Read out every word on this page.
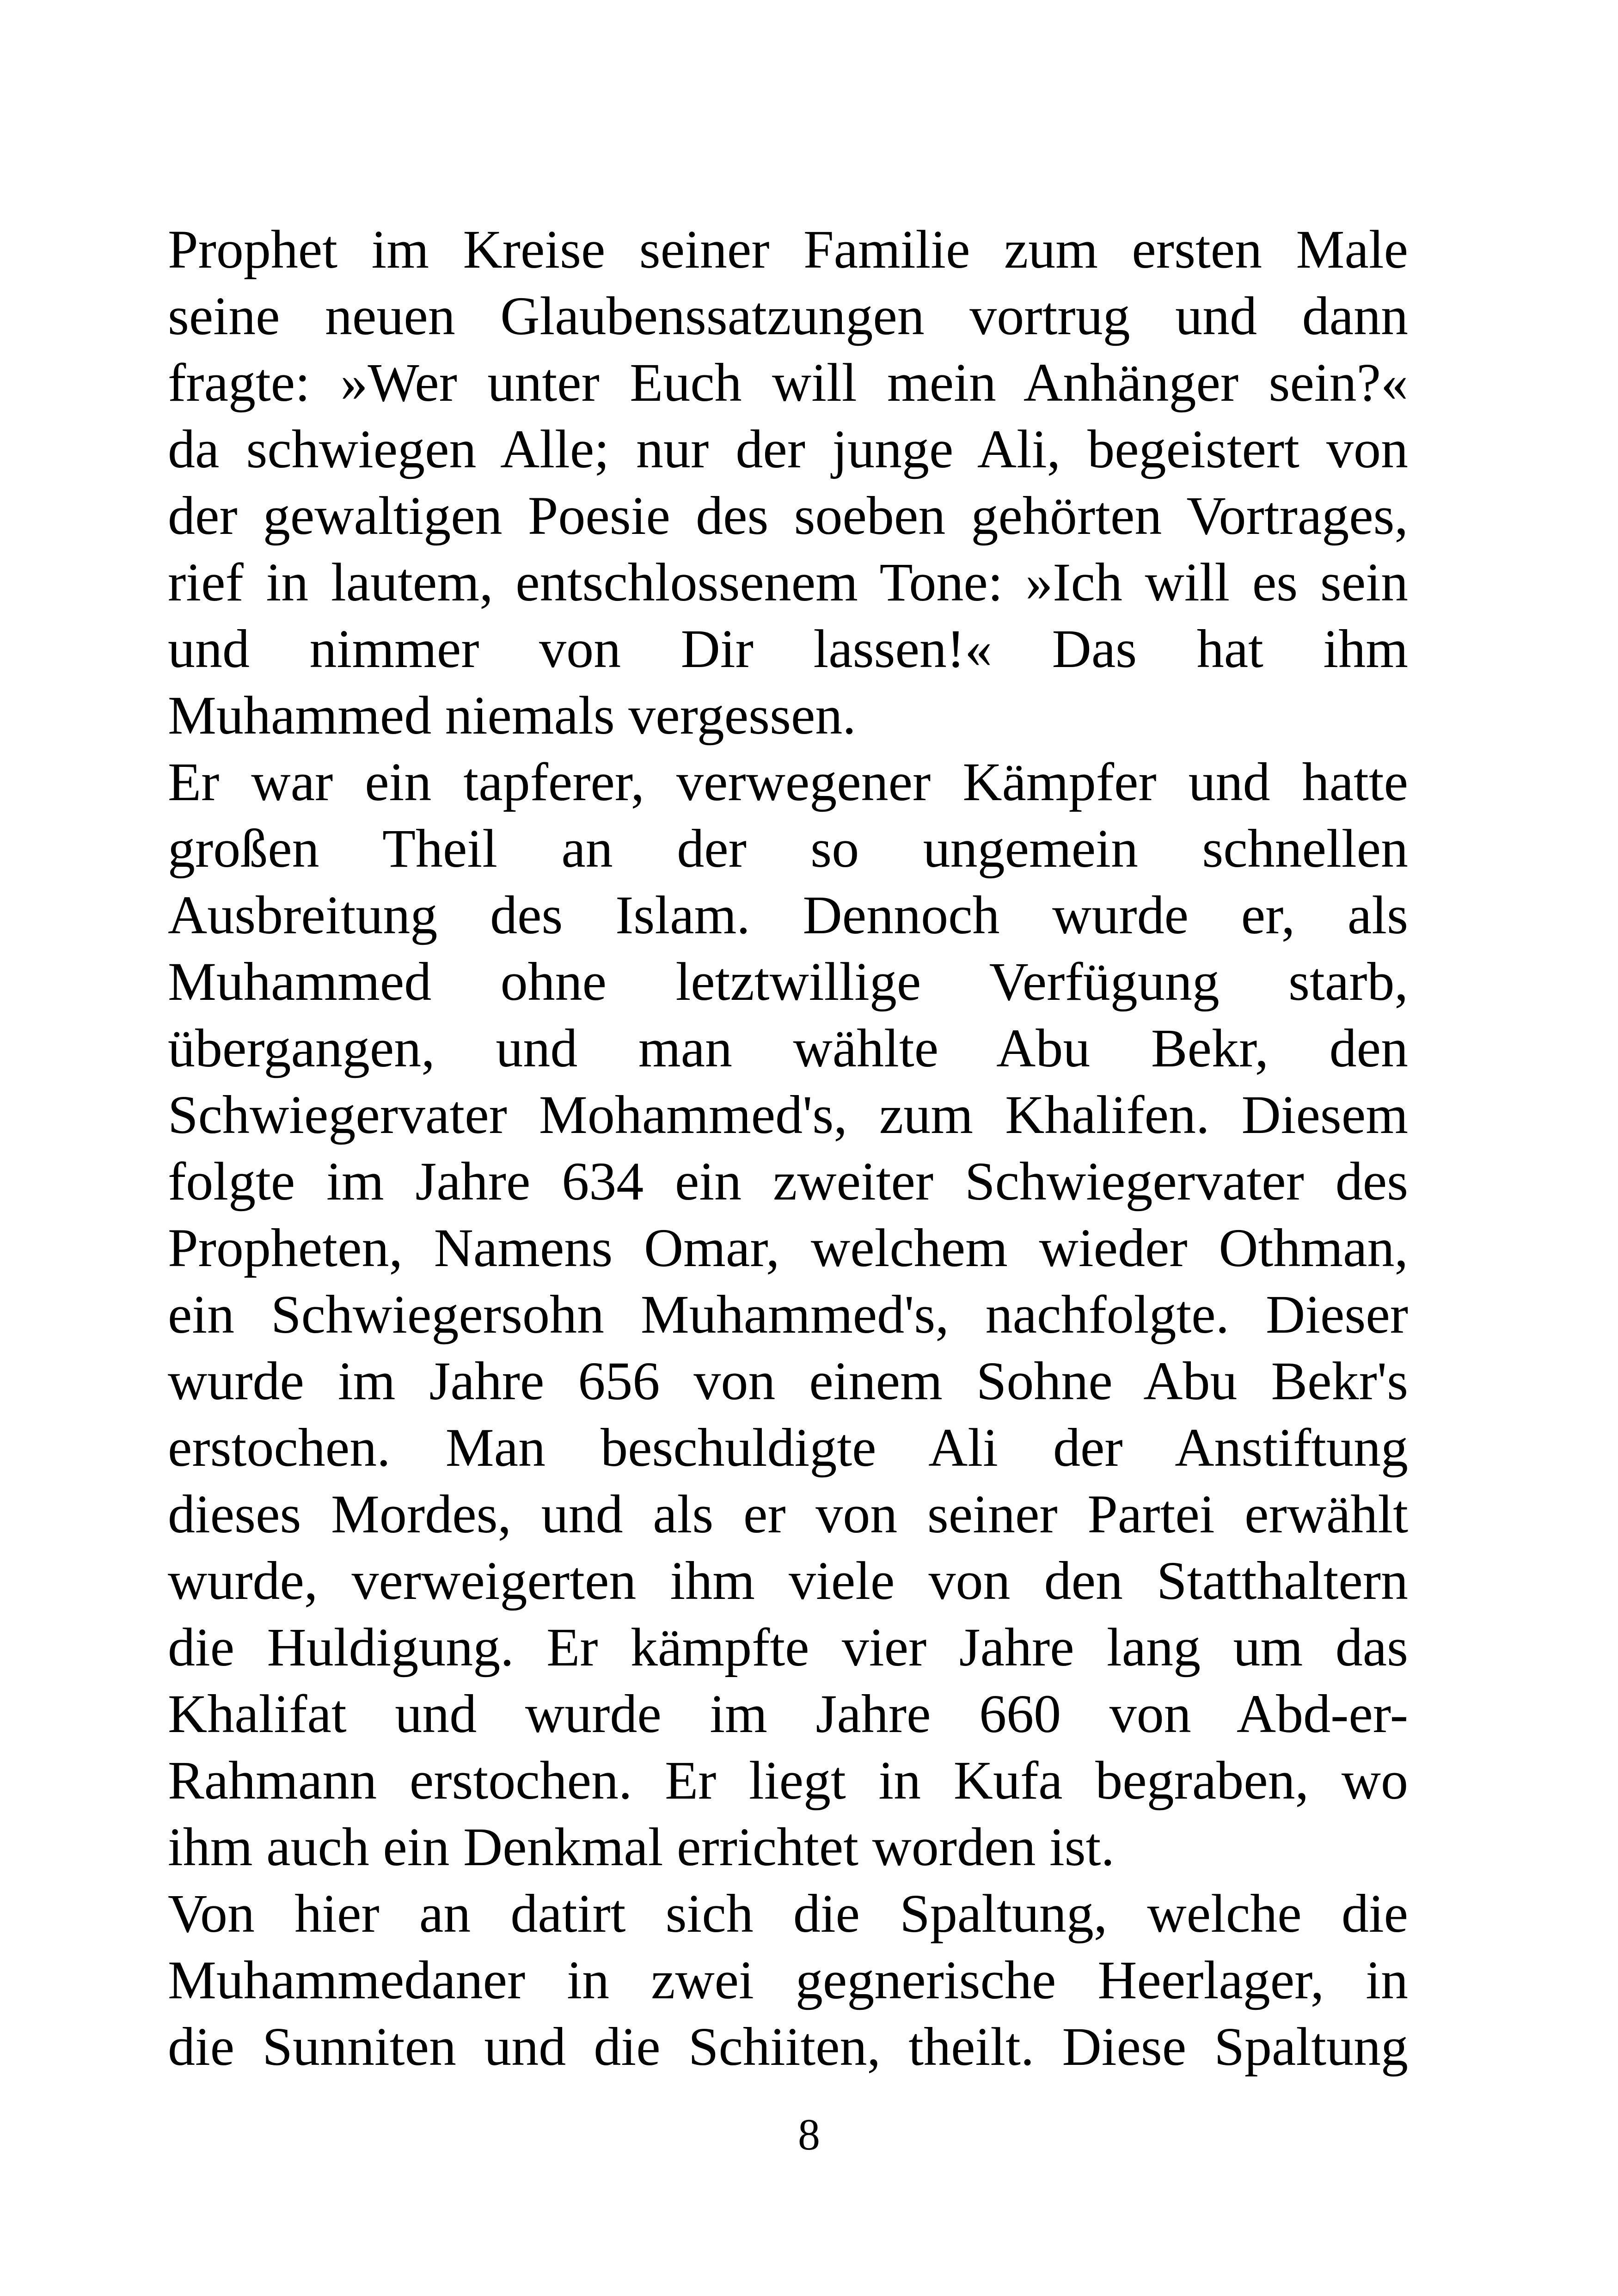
Prophet im Kreise seiner Familie zum ersten Male
seine neuen Glaubenssatzungen vortrug und dann
fragte: »Wer unter Euch will mein Anhänger sein?«
da schwiegen Alle; nur der junge Ali, begeistert von
der gewaltigen Poesie des soeben gehörten Vortrages,
rief in lautem, entschlossenem Tone: »Ich will es sein
und nimmer von Dir lassen!« Das hat ihm
Muhammed niemals vergessen.
Er war ein tapferer, verwegener Kämpfer und hatte
großen Theil an der so ungemein schnellen
Ausbreitung des Islam. Dennoch wurde er, als
Muhammed ohne letztwillige Verfügung starb,
übergangen, und man wählte Abu Bekr, den
Schwiegervater Mohammed's, zum Khalifen. Diesem
folgte im Jahre 634 ein zweiter Schwiegervater des
Propheten, Namens Omar, welchem wieder Othman,
ein Schwiegersohn Muhammed's, nachfolgte. Dieser
wurde im Jahre 656 von einem Sohne Abu Bekr's
erstochen. Man beschuldigte Ali der Anstiftung
dieses Mordes, und als er von seiner Partei erwählt
wurde, verweigerten ihm viele von den Statthaltern
die Huldigung. Er kämpfte vier Jahre lang um das
Khalifat und wurde im Jahre 660 von Abd-er-
Rahmann erstochen. Er liegt in Kufa begraben, wo
ihm auch ein Denkmal errichtet worden ist.
Von hier an datirt sich die Spaltung, welche die
Muhammedaner in zwei gegnerische Heerlager, in
die Sunniten und die Schiiten, theilt. Diese Spaltung
8
